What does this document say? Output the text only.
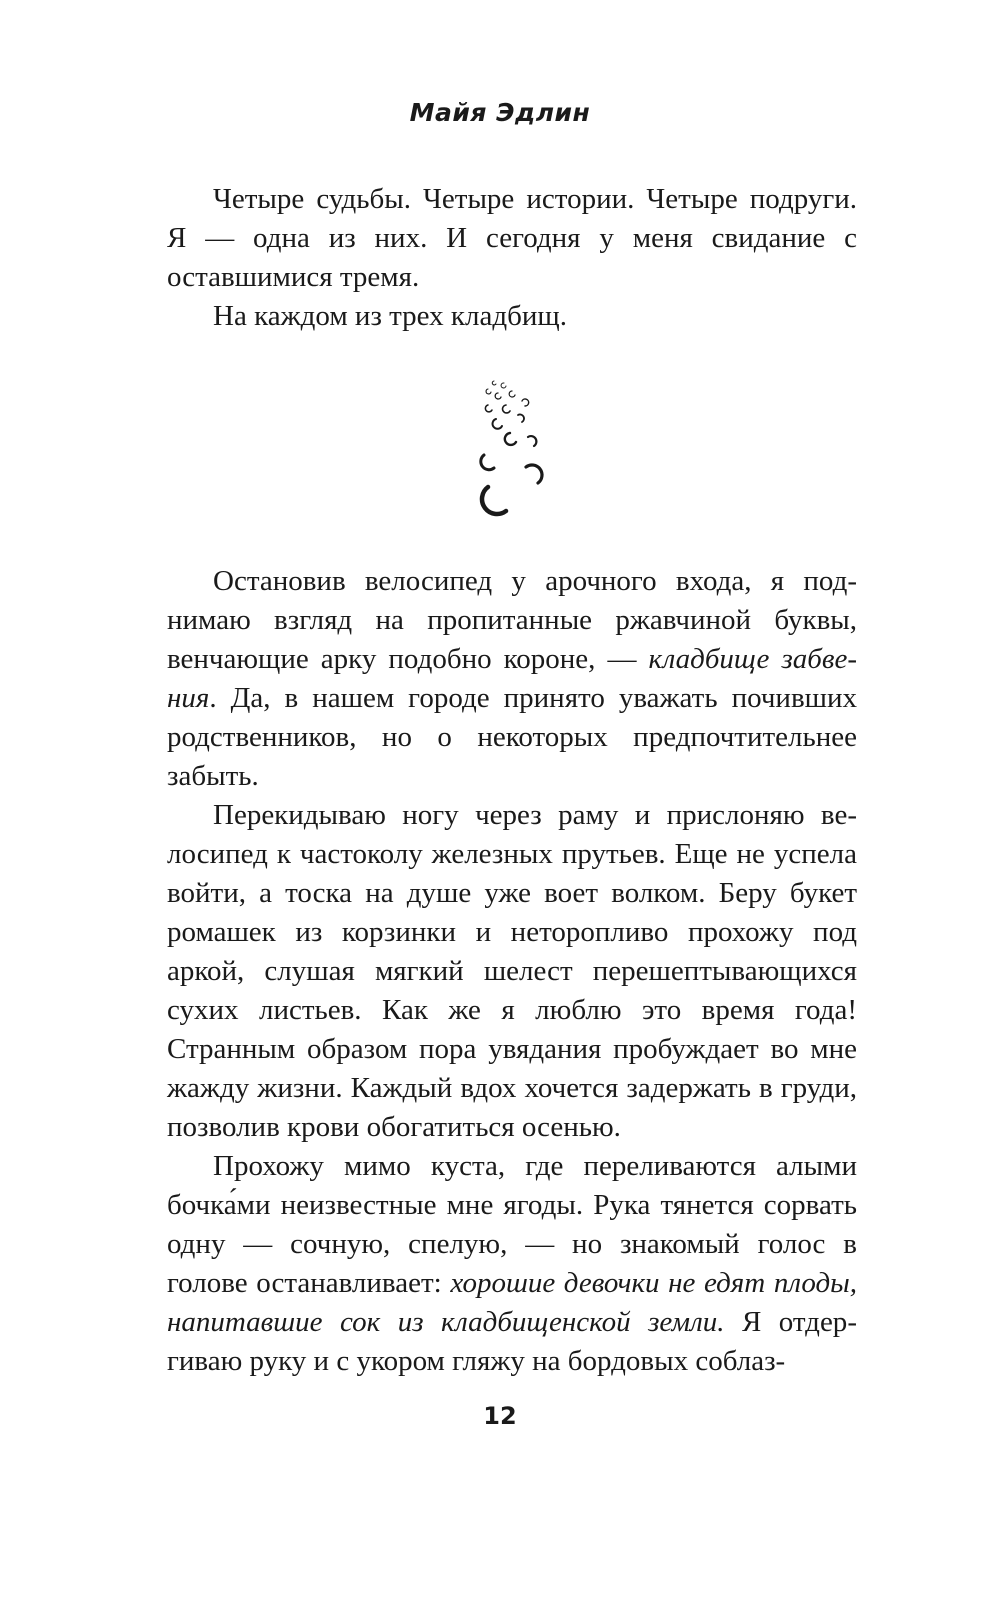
Майя Эдлин

Четыре судьбы. Четыре истории. Четыре подруги. Я — одна из них. И сегодня у меня свидание с оставшимися тремя.

На каждом из трех кладбищ.

Остановив велосипед у арочного входа, я поднимаю взгляд на пропитанные ржавчиной буквы, венчающие арку подобно короне, — кладбище забвения. Да, в нашем городе принято уважать почивших родственников, но о некоторых предпочтительнее забыть.

Перекидываю ногу через раму и прислоняю велосипед к частоколу железных прутьев. Еще не успела войти, а тоска на душе уже воет волком. Беру букет ромашек из корзинки и неторопливо прохожу под аркой, слушая мягкий шелест перешептывающихся сухих листьев. Как же я люблю это время года! Странным образом пора увядания пробуждает во мне жажду жизни. Каждый вдох хочется задержать в груди, позволив крови обогатиться осенью.

Прохожу мимо куста, где переливаются алыми бочка́ми неизвестные мне ягоды. Рука тянется сорвать одну — сочную, спелую, — но знакомый голос в голове останавливает: хорошие девочки не едят плоды, напитавшие сок из кладбищенской земли. Я отдергиваю руку и с укором гляжу на бордовых соблаз-

12
